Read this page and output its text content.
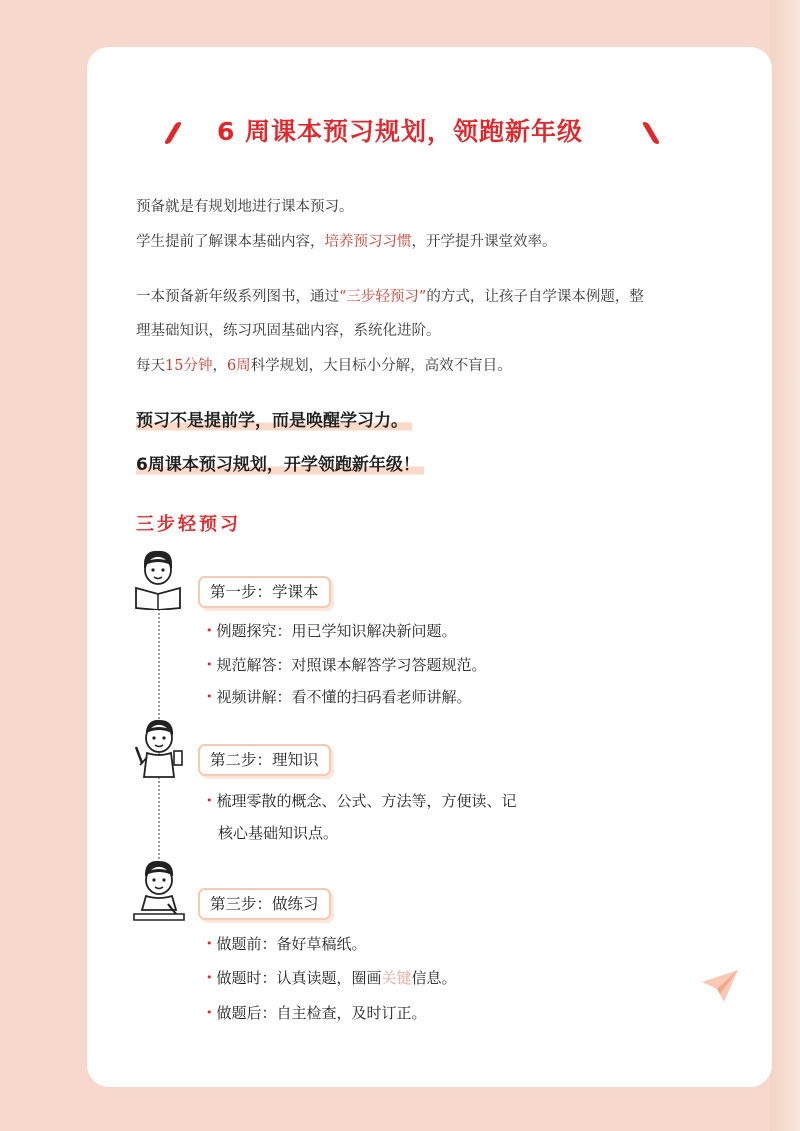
6 周课本预习规划，领跑新年级
预备就是有规划地进行课本预习。
学生提前了解课本基础内容，培养预习习惯，开学提升课堂效率。
一本预备新年级系列图书，通过“三步轻预习”的方式，让孩子自学课本例题，整
理基础知识，练习巩固基础内容，系统化进阶。
每天15分钟，6周科学规划，大目标小分解，高效不盲目。
预习不是提前学，而是唤醒学习力。
6周课本预习规划，开学领跑新年级！
三步轻预习
第一步：学课本
• 例题探究：用已学知识解决新问题。
• 规范解答：对照课本解答学习答题规范。
• 视频讲解：看不懂的扫码看老师讲解。
第二步：理知识
• 梳理零散的概念、公式、方法等，方便读、记
核心基础知识点。
第三步：做练习
• 做题前：备好草稿纸。
• 做题时：认真读题，圈画关键信息。
• 做题后：自主检查，及时订正。
